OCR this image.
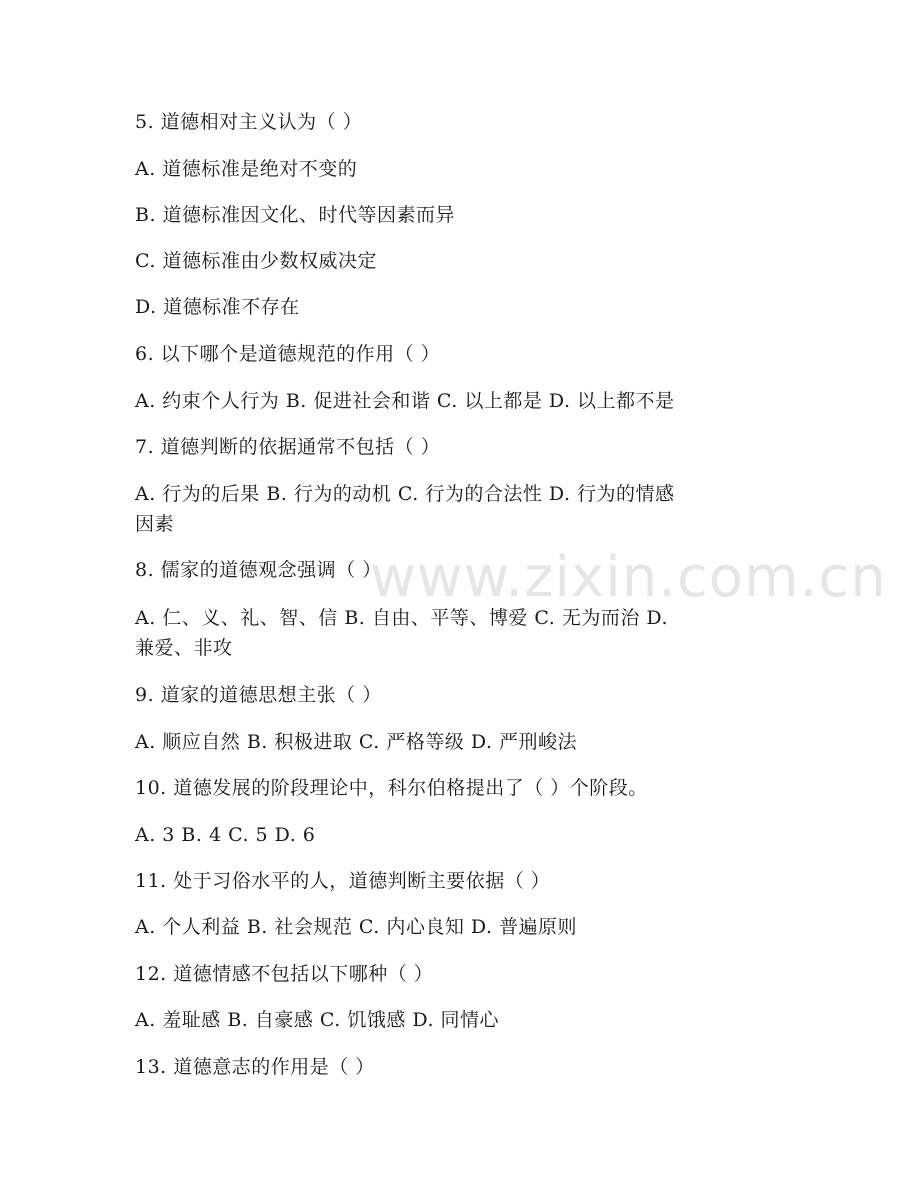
www.zixin.com.cn
5. 道德相对主义认为（ ）
A. 道德标准是绝对不变的
B. 道德标准因文化、时代等因素而异
C. 道德标准由少数权威决定
D. 道德标准不存在
6. 以下哪个是道德规范的作用（ ）
A. 约束个人行为 B. 促进社会和谐 C. 以上都是 D. 以上都不是
7. 道德判断的依据通常不包括（ ）
A. 行为的后果 B. 行为的动机 C. 行为的合法性 D. 行为的情感
因素
8. 儒家的道德观念强调（ ）
A. 仁、义、礼、智、信 B. 自由、平等、博爱 C. 无为而治 D.
兼爱、非攻
9. 道家的道德思想主张（ ）
A. 顺应自然 B. 积极进取 C. 严格等级 D. 严刑峻法
10. 道德发展的阶段理论中，科尔伯格提出了（ ）个阶段。
A. 3 B. 4 C. 5 D. 6
11. 处于习俗水平的人，道德判断主要依据（ ）
A. 个人利益 B. 社会规范 C. 内心良知 D. 普遍原则
12. 道德情感不包括以下哪种（ ）
A. 羞耻感 B. 自豪感 C. 饥饿感 D. 同情心
13. 道德意志的作用是（ ）
